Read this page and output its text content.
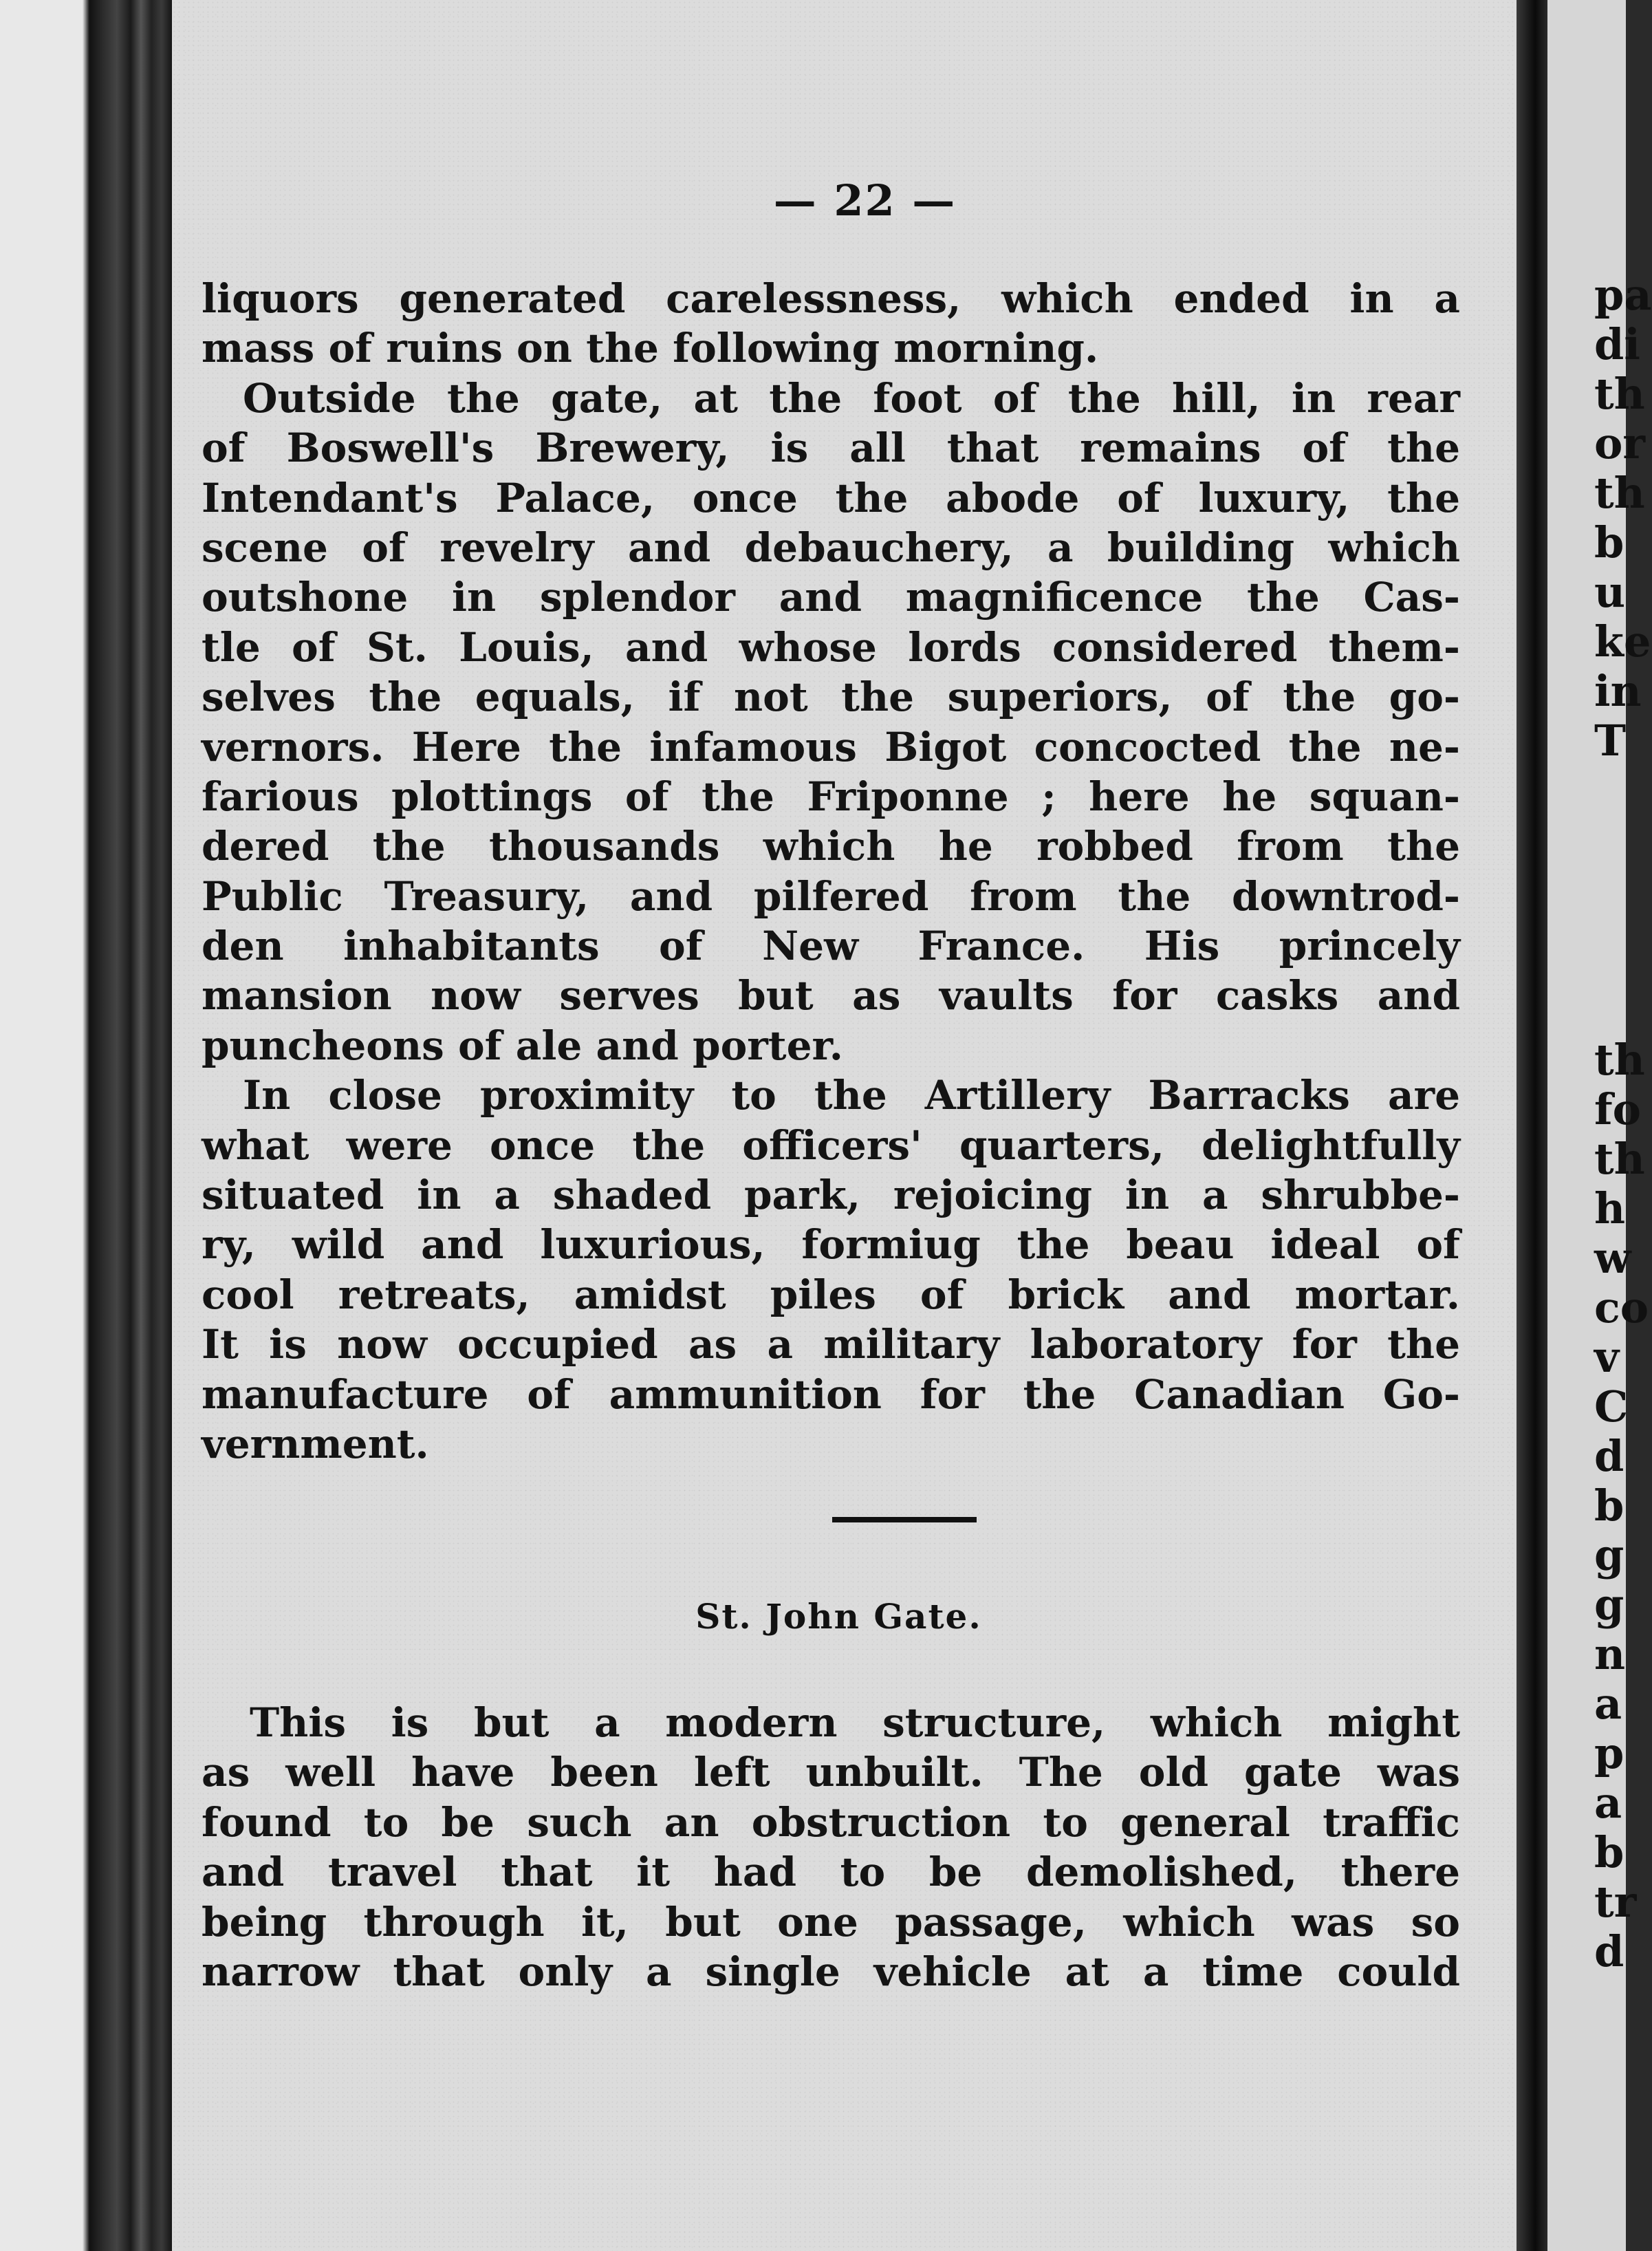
— 22 —
liquors generated carelessness, which ended in a
mass of ruins on the following morning.
Outside the gate, at the foot of the hill, in rear
of Boswell's Brewery, is all that remains of the
Intendant's Palace, once the abode of luxury, the
scene of revelry and debauchery, a building which
outshone in splendor and magnificence the Cas-
tle of St. Louis, and whose lords considered them-
selves the equals, if not the superiors, of the go-
vernors. Here the infamous Bigot concocted the ne-
farious plottings of the Friponne ; here he squan-
dered the thousands which he robbed from the
Public Treasury, and pilfered from the downtrod-
den inhabitants of New France. His princely
mansion now serves but as vaults for casks and
puncheons of ale and porter.
In close proximity to the Artillery Barracks are
what were once the officers' quarters, delightfully
situated in a shaded park, rejoicing in a shrubbe-
ry, wild and luxurious, formiug the beau ideal of
cool retreats, amidst piles of brick and mortar.
It is now occupied as a military laboratory for the
manufacture of ammunition for the Canadian Go-
vernment.
St. John Gate.
This is but a modern structure, which might
as well have been left unbuilt. The old gate was
found to be such an obstruction to general traffic
and travel that it had to be demolished, there
being through it, but one passage, which was so
narrow that only a single vehicle at a time could
pa
di
th
or
th
b
u
ke
in
T
th
fo
th
h
w
co
v
C
d
b
g
g
n
a
p
a
b
tr
d
